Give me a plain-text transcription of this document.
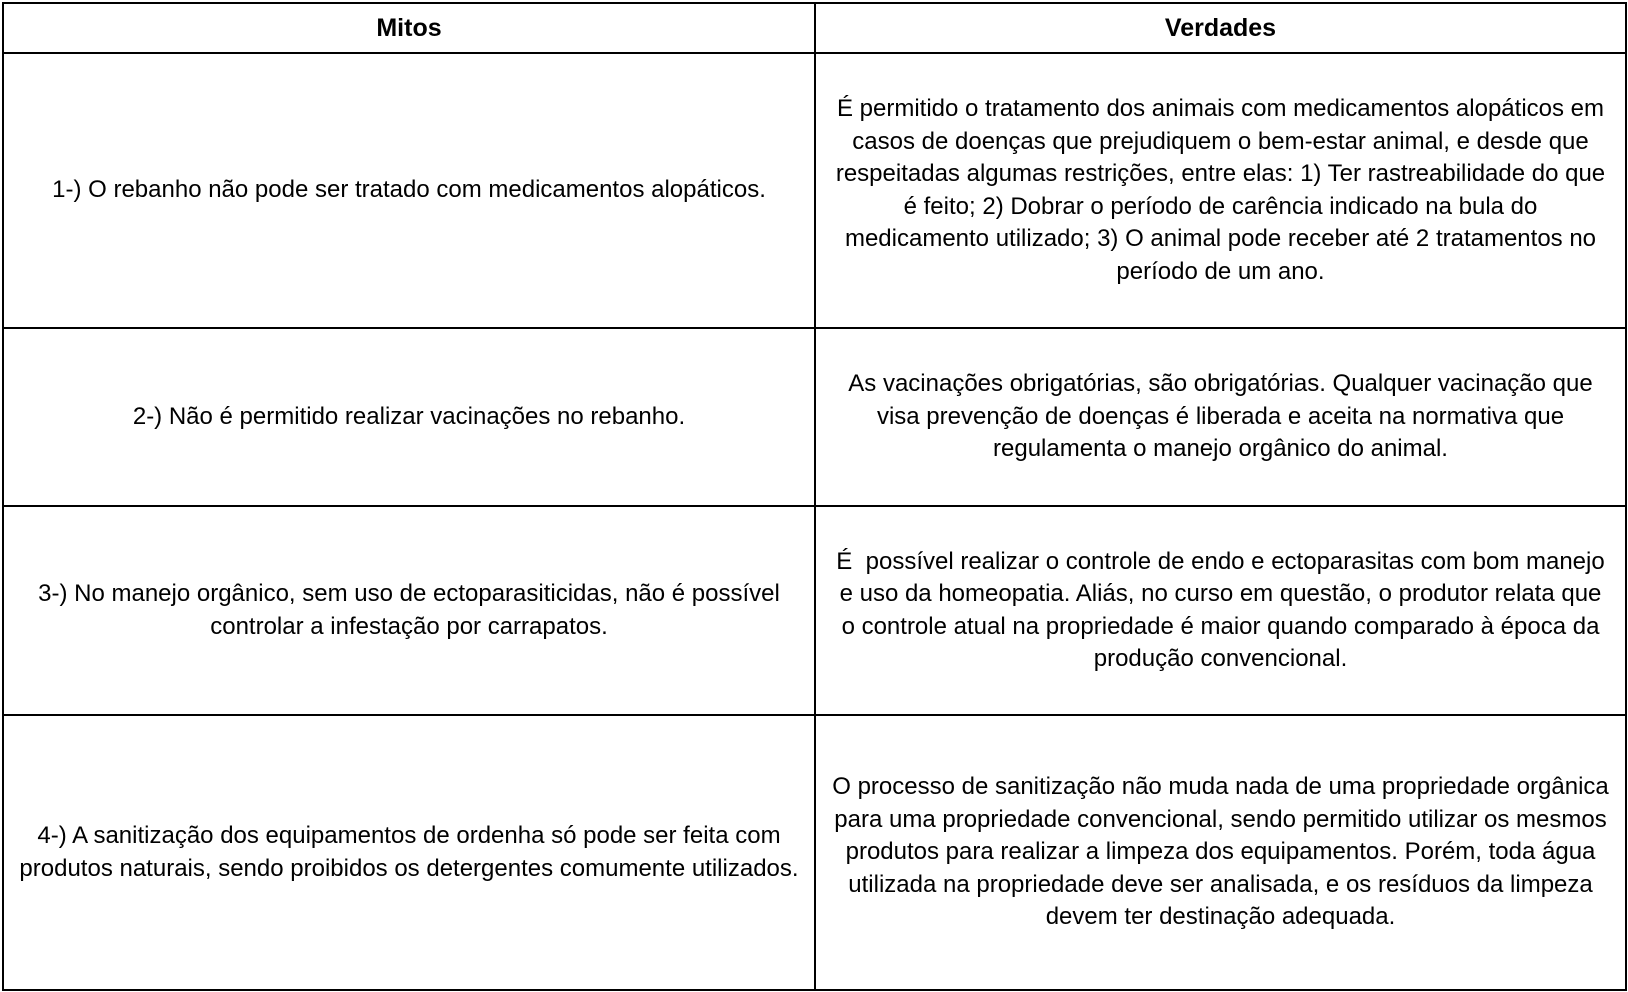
Mitos	Verdades
1-) O rebanho não pode ser tratado com medicamentos alopáticos.	É permitido o tratamento dos animais com medicamentos alopáticos em casos de doenças que prejudiquem o bem-estar animal, e desde que respeitadas algumas restrições, entre elas: 1) Ter rastreabilidade do que é feito; 2) Dobrar o período de carência indicado na bula do medicamento utilizado; 3) O animal pode receber até 2 tratamentos no período de um ano.
2-) Não é permitido realizar vacinações no rebanho.	As vacinações obrigatórias, são obrigatórias. Qualquer vacinação que visa prevenção de doenças é liberada e aceita na normativa que regulamenta o manejo orgânico do animal.
3-) No manejo orgânico, sem uso de ectoparasiticidas, não é possível controlar a infestação por carrapatos.	É  possível realizar o controle de endo e ectoparasitas com bom manejo e uso da homeopatia. Aliás, no curso em questão, o produtor relata que o controle atual na propriedade é maior quando comparado à época da produção convencional.
4-) A sanitização dos equipamentos de ordenha só pode ser feita com produtos naturais, sendo proibidos os detergentes comumente utilizados.	O processo de sanitização não muda nada de uma propriedade orgânica para uma propriedade convencional, sendo permitido utilizar os mesmos produtos para realizar a limpeza dos equipamentos. Porém, toda água utilizada na propriedade deve ser analisada, e os resíduos da limpeza devem ter destinação adequada.
